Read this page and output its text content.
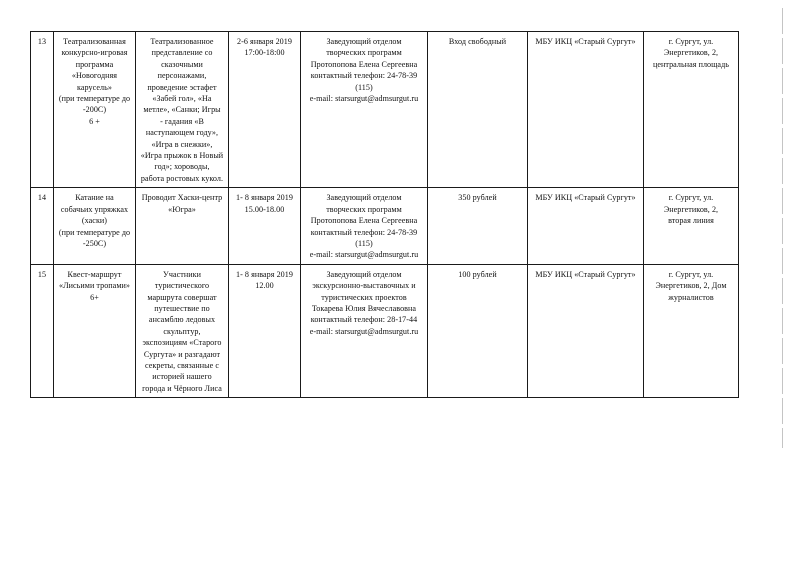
13	Театрализованная
конкурсно-игровая
программа
«Новогодняя
карусель»
(при температуре до
-200С)
6 +

Театрализованное
представление со
сказочными
персонажами,
проведение эстафет
«Забей гол», «На
метле», «Санки; Игры
- гадания «В
наступающем году»,
«Игра в снежки»,
«Игра прыжок в Новый
год»; хороводы,
работа ростовых кукол.

2-6 января 2019
17:00-18:00

Заведующий отделом
творческих программ
Протопопова Елена Сергеевна
контактный телефон: 24-78-39
(115)
e-mail: starsurgut@admsurgut.ru
	Вход свободный	МБУ ИКЦ «Старый Сургут»	г. Сургут, ул.
Энергетиков, 2,
центральная площадь

14	Катание на
собачьих упряжках
(хаски)
(при температуре до
-250С)

Проводит Хаски-центр
«Югра»

1- 8 января 2019
15.00-18.00

Заведующий отделом
творческих программ
Протопопова Елена Сергеевна
контактный телефон: 24-78-39
(115)
e-mail: starsurgut@admsurgut.ru
	350 рублей	МБУ ИКЦ «Старый Сургут»	г. Сургут, ул.
Энергетиков, 2,
вторая линия

15	Квест-маршрут
«Лисьими тропами»
6+

Участники
туристического
маршрута совершат
путешествие по
ансамблю ледовых
скульптур,
экспозициям «Старого
Сургута» и разгадают
секреты, связанные с
историей нашего
города и Чёрного Лиса

1- 8 января 2019
12.00

Заведующий отделом
экскурсионно-выставочных и
туристических проектов
Токарева Юлия Вячеславовна
контактный телефон: 28-17-44
e-mail: starsurgut@admsurgut.ru
	100 рублей	МБУ ИКЦ «Старый Сургут»	г. Сургут, ул.
Энергетиков, 2, Дом
журналистов
